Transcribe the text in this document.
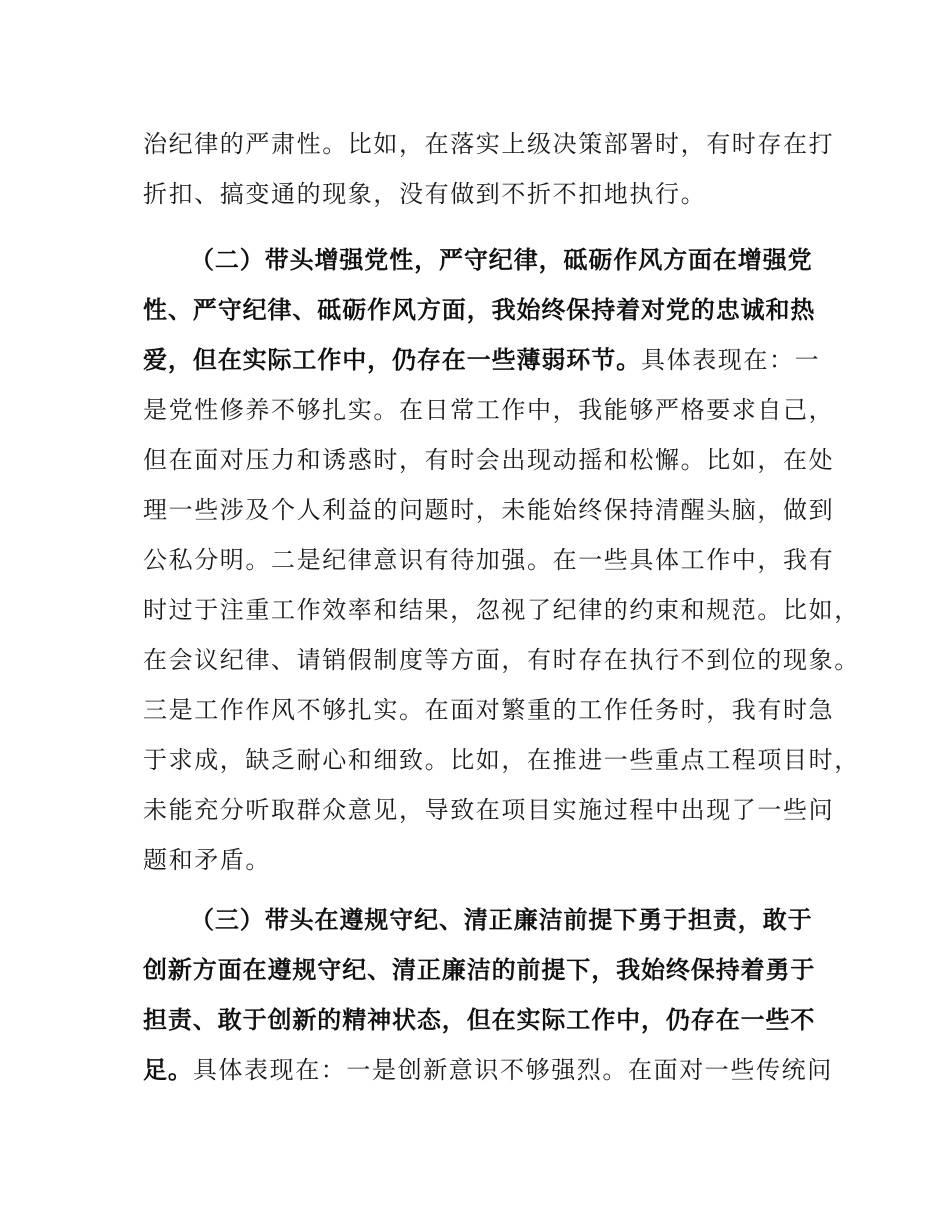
治纪律的严肃性。比如，在落实上级决策部署时，有时存在打
折扣、搞变通的现象，没有做到不折不扣地执行。
（二）带头增强党性，严守纪律，砥砺作风方面在增强党
性、严守纪律、砥砺作风方面，我始终保持着对党的忠诚和热
爱，但在实际工作中，仍存在一些薄弱环节。具体表现在：一
是党性修养不够扎实。在日常工作中，我能够严格要求自己，
但在面对压力和诱惑时，有时会出现动摇和松懈。比如，在处
理一些涉及个人利益的问题时，未能始终保持清醒头脑，做到
公私分明。二是纪律意识有待加强。在一些具体工作中，我有
时过于注重工作效率和结果，忽视了纪律的约束和规范。比如，
在会议纪律、请销假制度等方面，有时存在执行不到位的现象。
三是工作作风不够扎实。在面对繁重的工作任务时，我有时急
于求成，缺乏耐心和细致。比如，在推进一些重点工程项目时，
未能充分听取群众意见，导致在项目实施过程中出现了一些问
题和矛盾。
（三）带头在遵规守纪、清正廉洁前提下勇于担责，敢于
创新方面在遵规守纪、清正廉洁的前提下，我始终保持着勇于
担责、敢于创新的精神状态，但在实际工作中，仍存在一些不
足。具体表现在：一是创新意识不够强烈。在面对一些传统问
